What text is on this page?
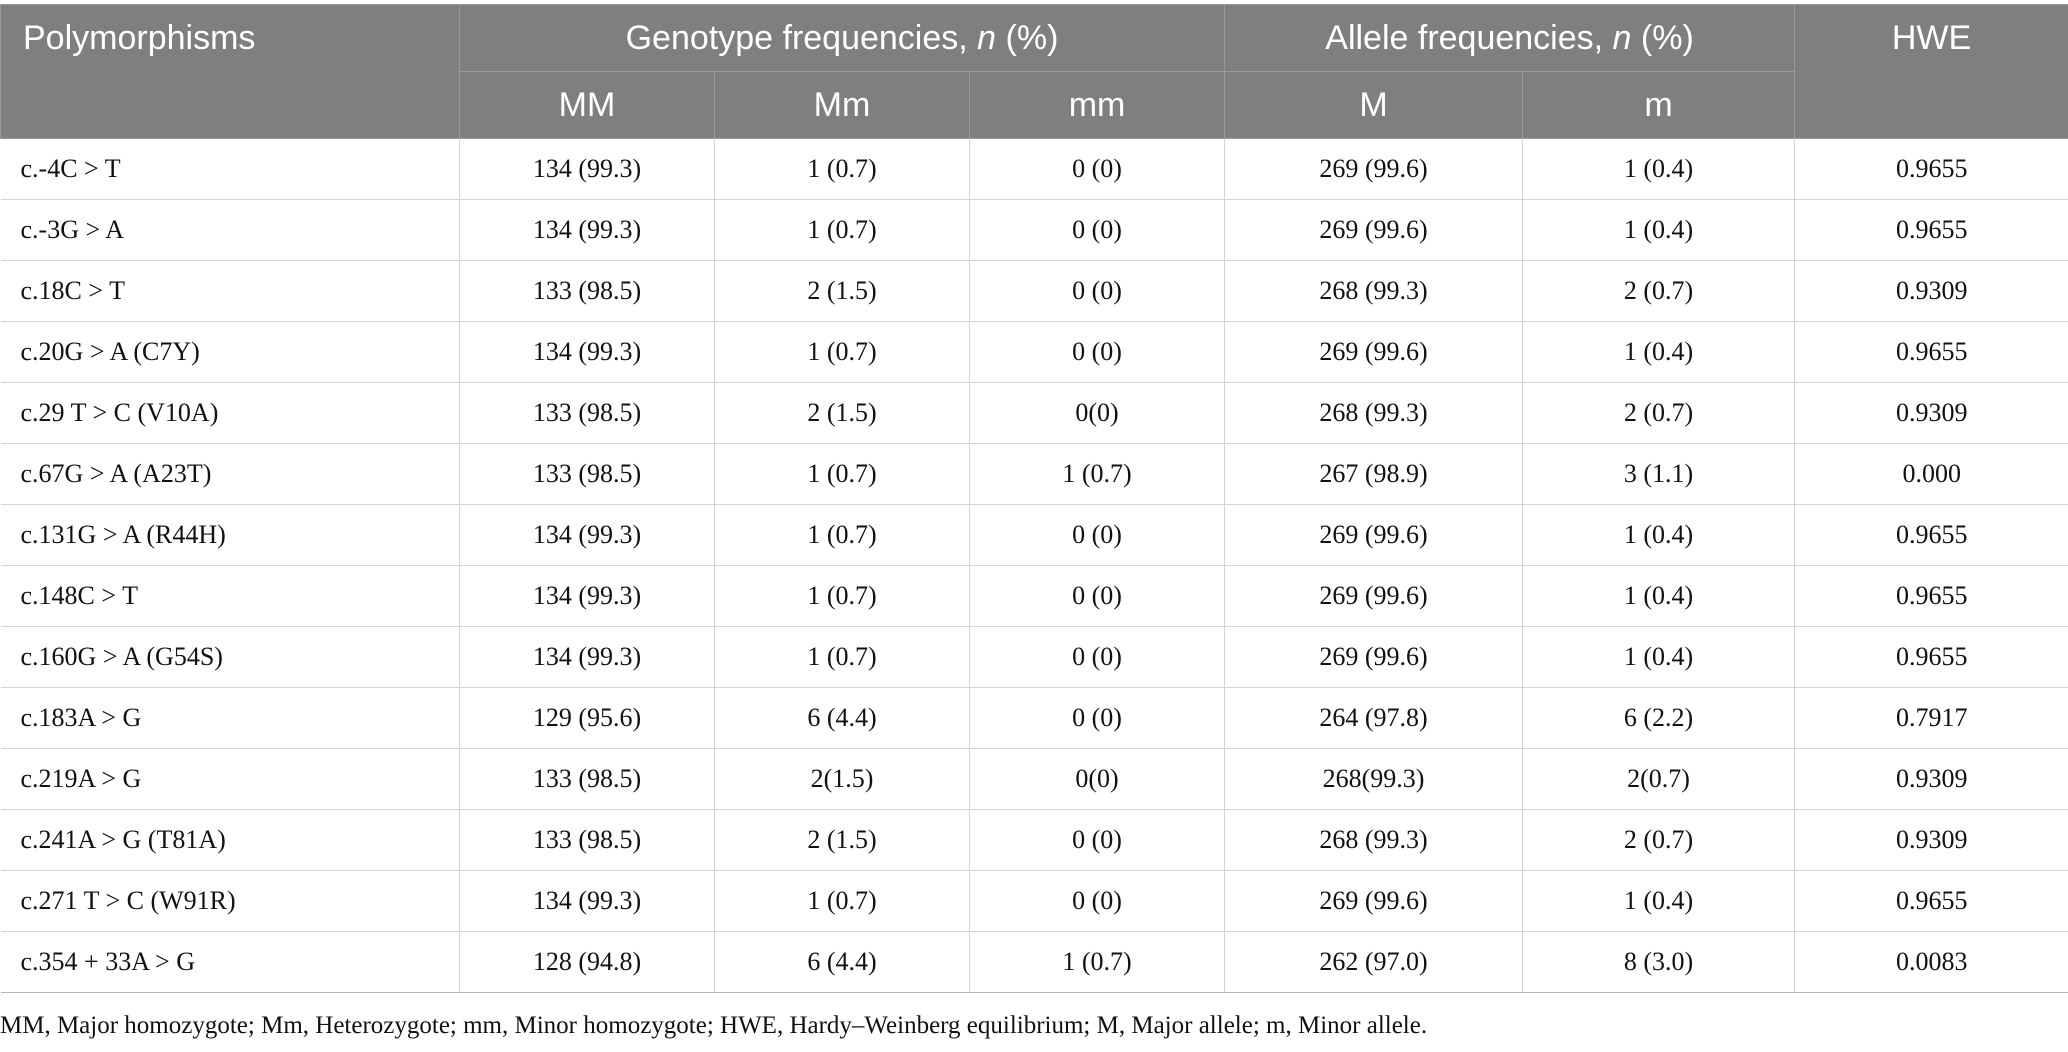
Polymorphisms	Genotype frequencies, n (%)			Allele frequencies, n (%)		HWE
	MM	Mm	mm	M	m	
c.-4C > T	134 (99.3)	1 (0.7)	0 (0)	269 (99.6)	1 (0.4)	0.9655
c.-3G > A	134 (99.3)	1 (0.7)	0 (0)	269 (99.6)	1 (0.4)	0.9655
c.18C > T	133 (98.5)	2 (1.5)	0 (0)	268 (99.3)	2 (0.7)	0.9309
c.20G > A (C7Y)	134 (99.3)	1 (0.7)	0 (0)	269 (99.6)	1 (0.4)	0.9655
c.29 T > C (V10A)	133 (98.5)	2 (1.5)	0(0)	268 (99.3)	2 (0.7)	0.9309
c.67G > A (A23T)	133 (98.5)	1 (0.7)	1 (0.7)	267 (98.9)	3 (1.1)	0.000
c.131G > A (R44H)	134 (99.3)	1 (0.7)	0 (0)	269 (99.6)	1 (0.4)	0.9655
c.148C > T	134 (99.3)	1 (0.7)	0 (0)	269 (99.6)	1 (0.4)	0.9655
c.160G > A (G54S)	134 (99.3)	1 (0.7)	0 (0)	269 (99.6)	1 (0.4)	0.9655
c.183A > G	129 (95.6)	6 (4.4)	0 (0)	264 (97.8)	6 (2.2)	0.7917
c.219A > G	133 (98.5)	2(1.5)	0(0)	268(99.3)	2(0.7)	0.9309
c.241A > G (T81A)	133 (98.5)	2 (1.5)	0 (0)	268 (99.3)	2 (0.7)	0.9309
c.271 T > C (W91R)	134 (99.3)	1 (0.7)	0 (0)	269 (99.6)	1 (0.4)	0.9655
c.354 + 33A > G	128 (94.8)	6 (4.4)	1 (0.7)	262 (97.0)	8 (3.0)	0.0083
MM, Major homozygote; Mm, Heterozygote; mm, Minor homozygote; HWE, Hardy–Weinberg equilibrium; M, Major allele; m, Minor allele.
